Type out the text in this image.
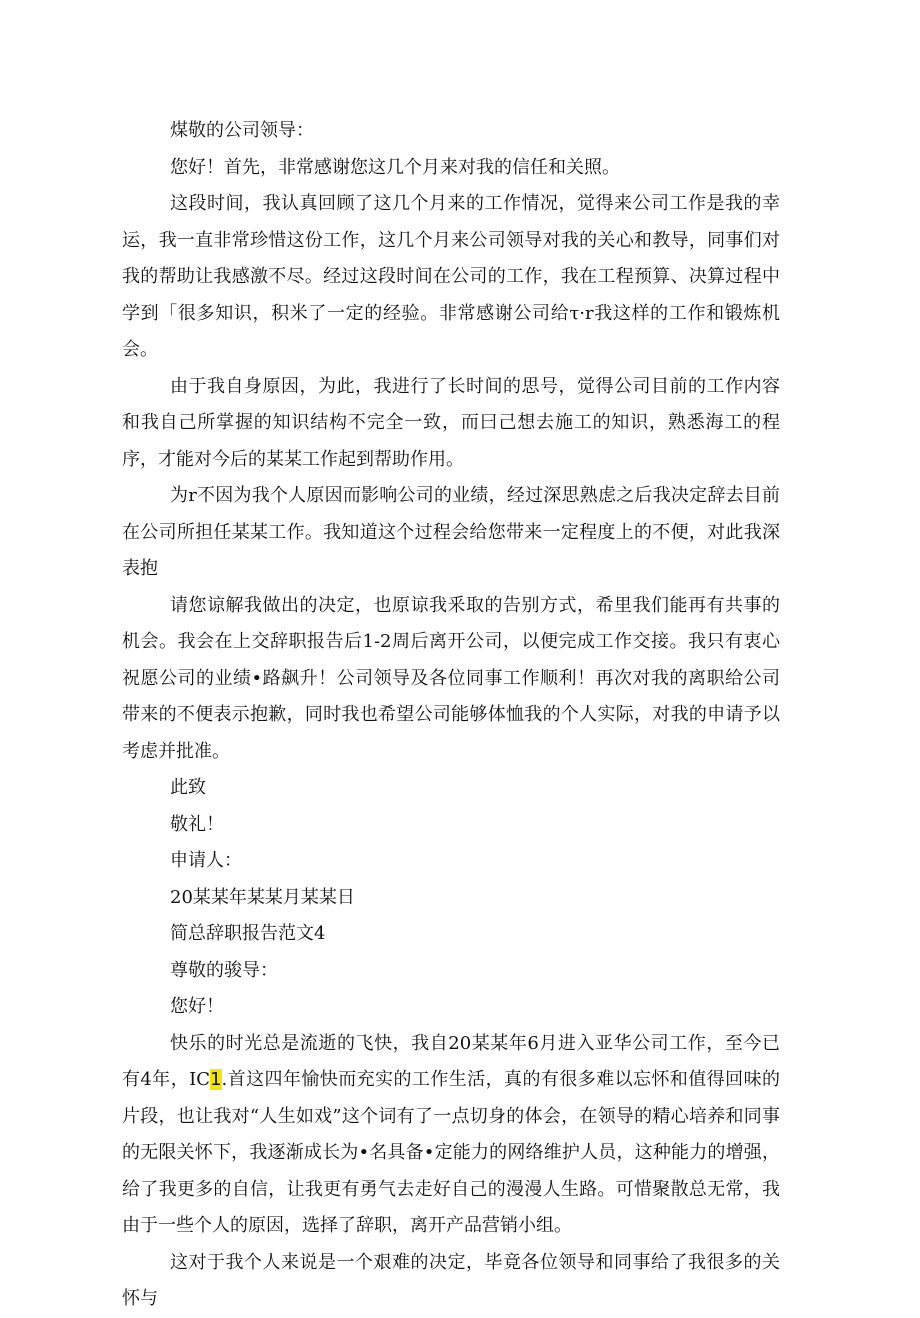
煤敬的公司领导：

您好！首先，非常感谢您这几个月来对我的信任和关照。

这段时间，我认真回顾了这几个月来的工作情况，觉得来公司工作是我的幸运，我一直非常珍惜这份工作，这几个月来公司领导对我的关心和教导，同事们对我的帮助让我感激不尽。经过这段时间在公司的工作，我在工程预算、决算过程中学到「很多知识，积米了一定的经验。非常感谢公司给τ·r我这样的工作和锻炼机会。

由于我自身原因，为此，我进行了长时间的思号，觉得公司目前的工作内容和我自己所掌握的知识结构不完全一致，而曰己想去施工的知识，熟悉海工的程序，才能对今后的某某工作起到帮助作用。

为r不因为我个人原因而影响公司的业绩，经过深思熟虑之后我决定辞去目前在公司所担任某某工作。我知道这个过程会给您带来一定程度上的不便，对此我深表抱

请您谅解我做出的决定，也原谅我釆取的告别方式，希里我们能再有共事的机会。我会在上交辞职报告后1-2周后离开公司，以便完成工作交接。我只有衷心祝愿公司的业绩•路飙升！公司领导及各位同事工作顺利！再次对我的离职给公司带来的不便表示抱歉，同时我也希望公司能够体恤我的个人实际，对我的申请予以考虑并批准。

此致

敬礼！

申请人：

20某某年某某月某某日

简总辞职报告范文4

尊敬的骏导：

您好！

快乐的时光总是流逝的飞快，我自20某某年6月进入亚华公司工作，至今已有4年，IC1.首这四年愉快而充实的工作生活，真的有很多难以忘怀和值得回味的片段，也让我对“人生如戏”这个词有了一点切身的体会，在领导的精心培养和同事的无限关怀下，我逐渐成长为•名具备•定能力的网络维护人员，这种能力的增强，给了我更多的自信，让我更有勇气去走好自己的漫漫人生路。可惜聚散总无常，我由于一些个人的原因，选择了辞职，离开产品营销小组。

这对于我个人来说是一个艰难的决定，毕竟各位领导和同事给了我很多的关怀与
